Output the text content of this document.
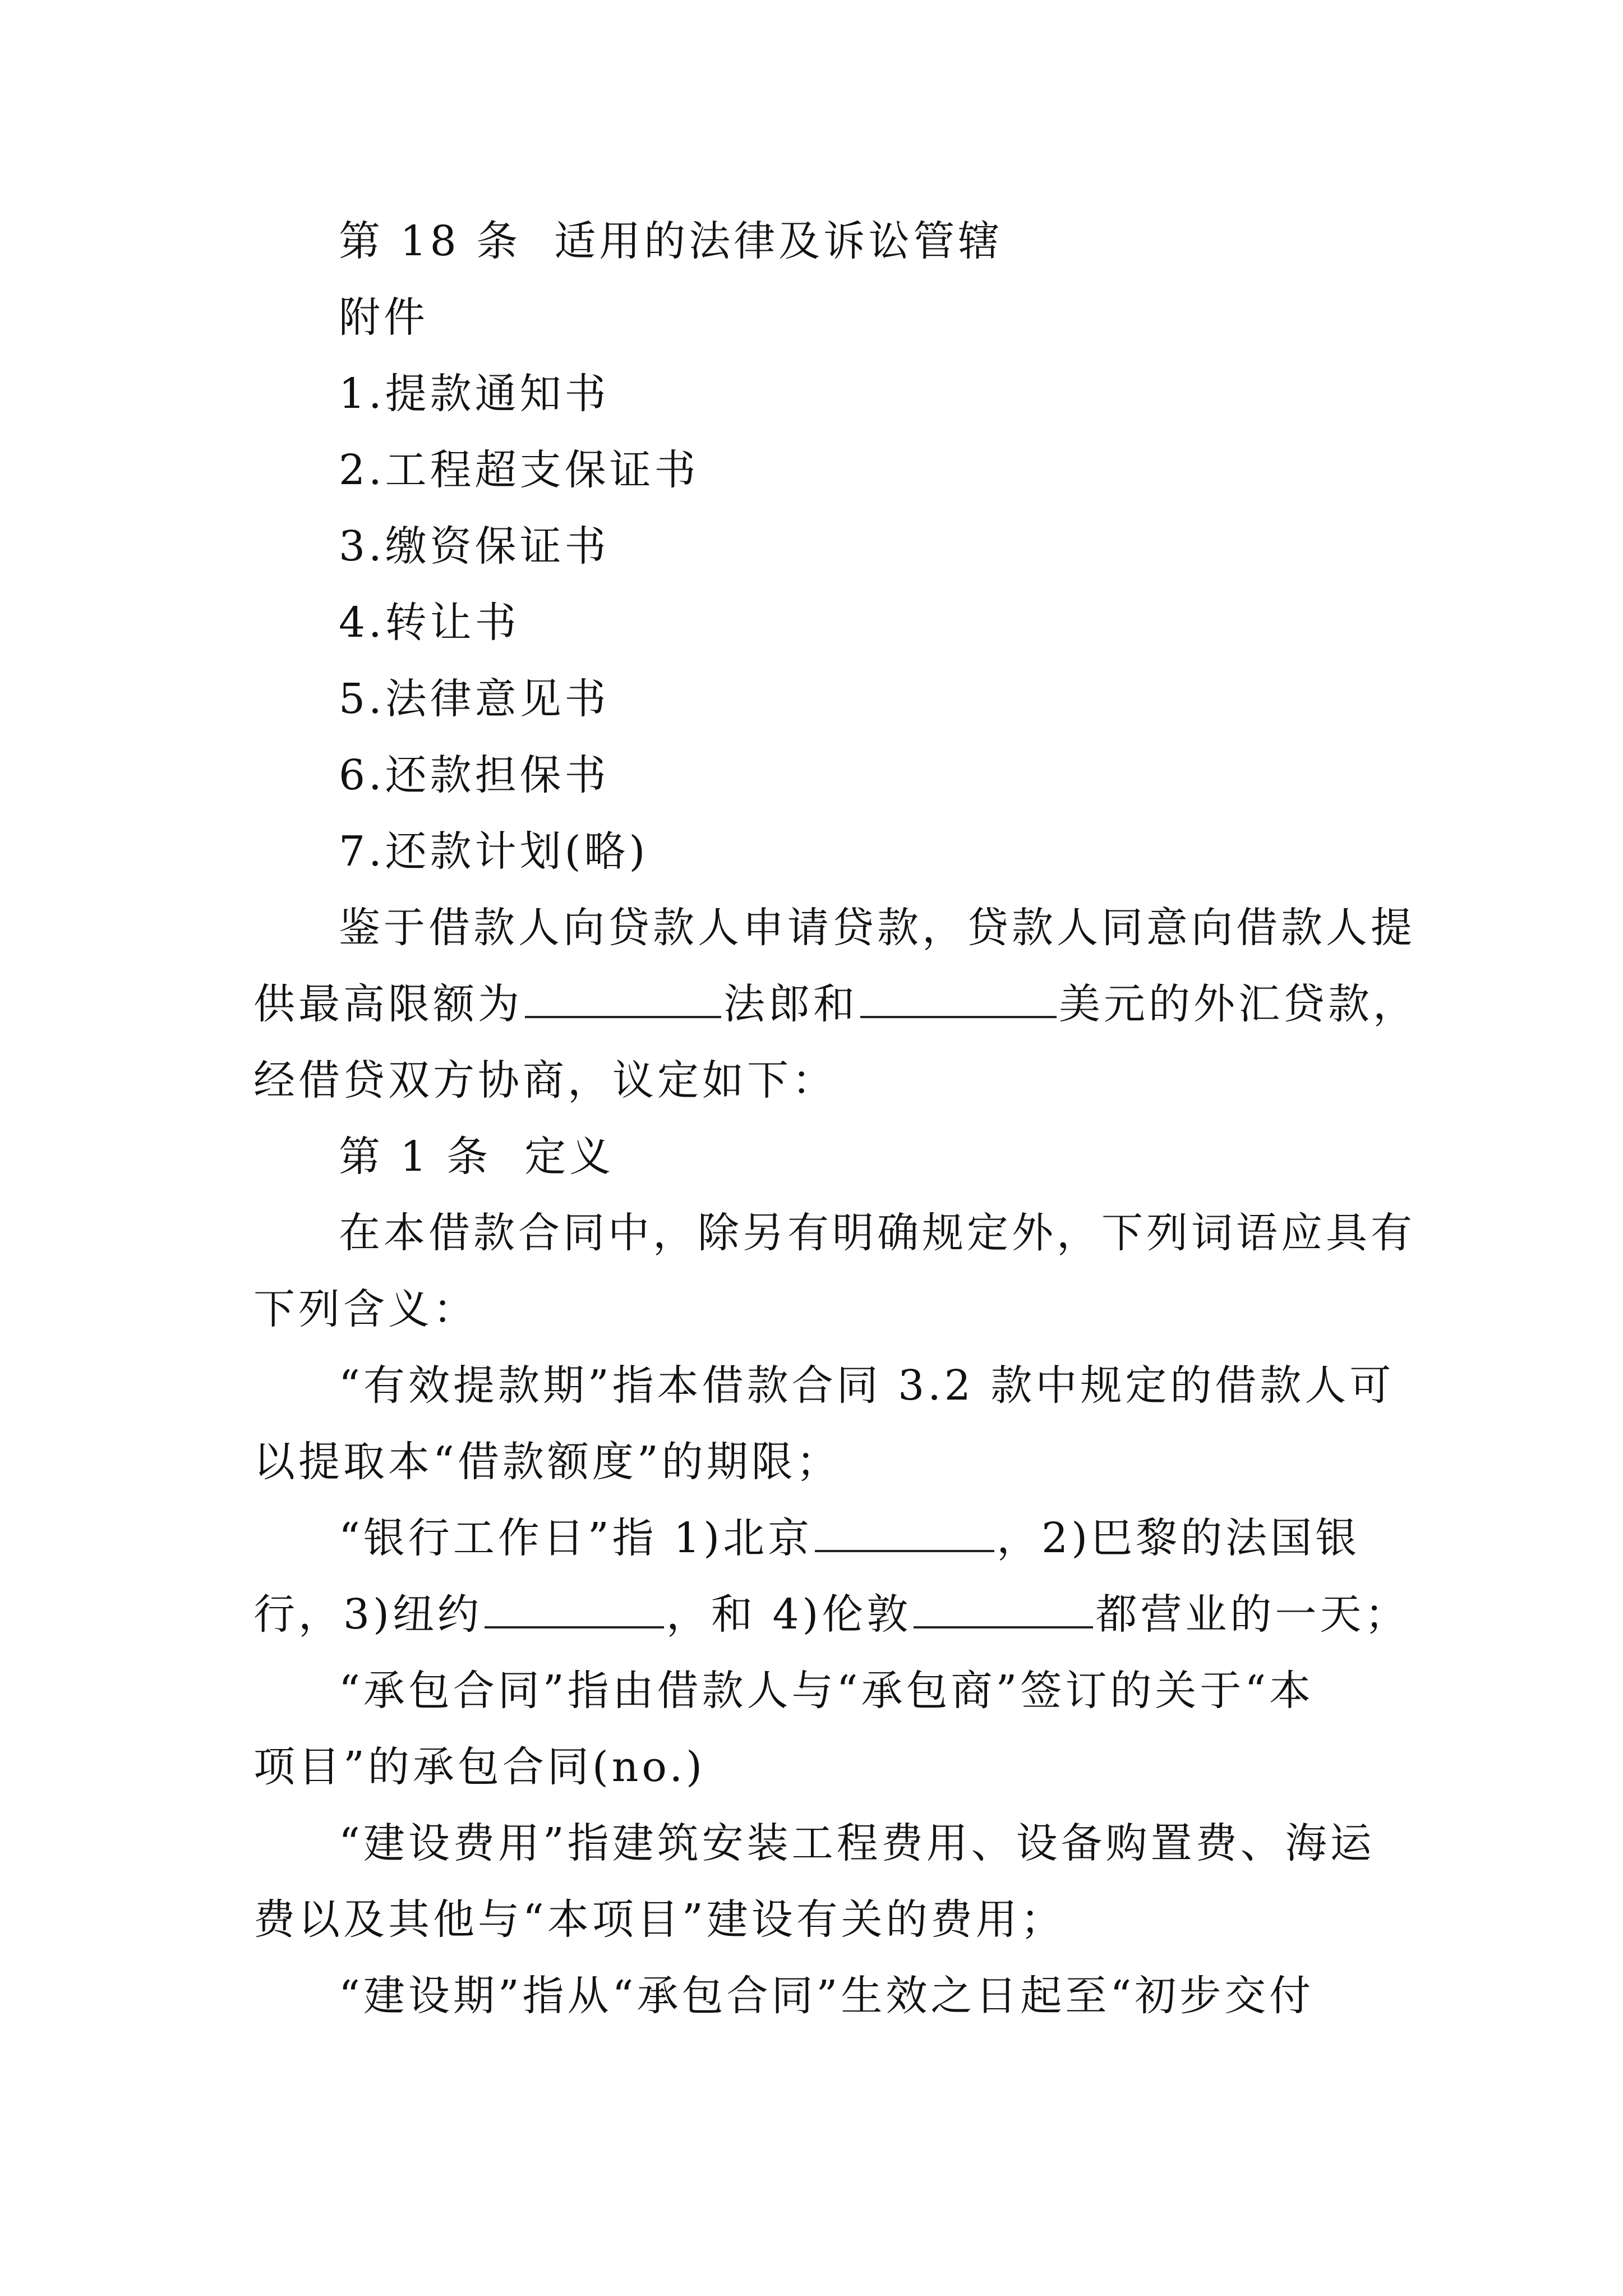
第 18 条  适用的法律及诉讼管辖
附件
1.提款通知书
2.工程超支保证书
3.缴资保证书
4.转让书
5.法律意见书
6.还款担保书
7.还款计划(略)
鉴于借款人向贷款人申请贷款，贷款人同意向借款人提
供最高限额为	法郎和	美元的外汇贷款，
经借贷双方协商，议定如下：
第 1 条  定义
在本借款合同中，除另有明确规定外，下列词语应具有
下列含义：
“有效提款期”指本借款合同 3.2 款中规定的借款人可
以提取本“借款额度”的期限；
“银行工作日”指 1)北京	，2)巴黎的法国银
行，3)纽约	，和 4)伦敦	都营业的一天；
“承包合同”指由借款人与“承包商”签订的关于“本
项目”的承包合同(no.)
“建设费用”指建筑安装工程费用、设备购置费、海运
费以及其他与“本项目”建设有关的费用；
“建设期”指从“承包合同”生效之日起至“初步交付
